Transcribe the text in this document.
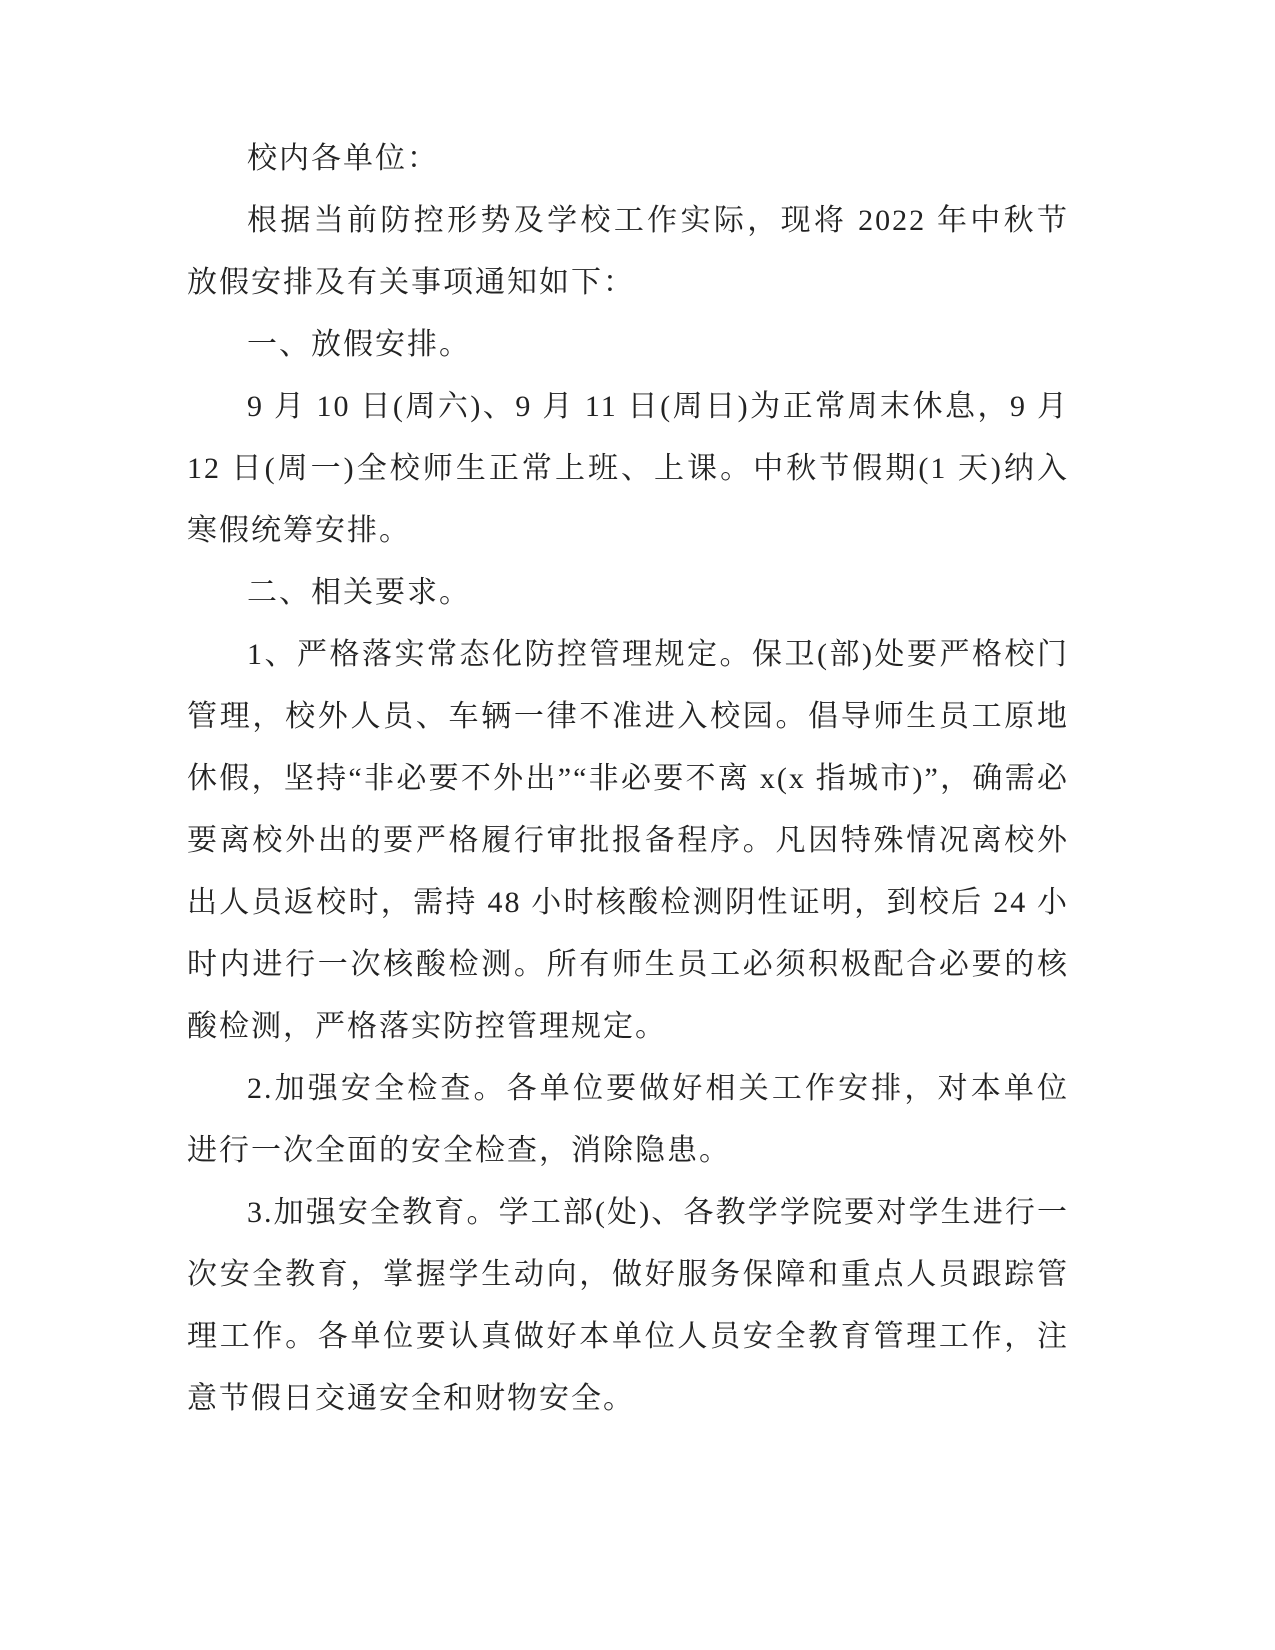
校内各单位：

根据当前防控形势及学校工作实际，现将 2022 年中秋节放假安排及有关事项通知如下：

一、放假安排。

9 月 10 日(周六)、9 月 11 日(周日)为正常周末休息，9 月 12 日(周一)全校师生正常上班、上课。中秋节假期(1 天)纳入寒假统筹安排。

二、相关要求。

1、严格落实常态化防控管理规定。保卫(部)处要严格校门管理，校外人员、车辆一律不准进入校园。倡导师生员工原地休假，坚持“非必要不外出”“非必要不离 x(x 指城市)”，确需必要离校外出的要严格履行审批报备程序。凡因特殊情况离校外出人员返校时，需持 48 小时核酸检测阴性证明，到校后 24 小时内进行一次核酸检测。所有师生员工必须积极配合必要的核酸检测，严格落实防控管理规定。

2.加强安全检查。各单位要做好相关工作安排，对本单位进行一次全面的安全检查，消除隐患。

3.加强安全教育。学工部(处)、各教学学院要对学生进行一次安全教育，掌握学生动向，做好服务保障和重点人员跟踪管理工作。各单位要认真做好本单位人员安全教育管理工作，注意节假日交通安全和财物安全。
